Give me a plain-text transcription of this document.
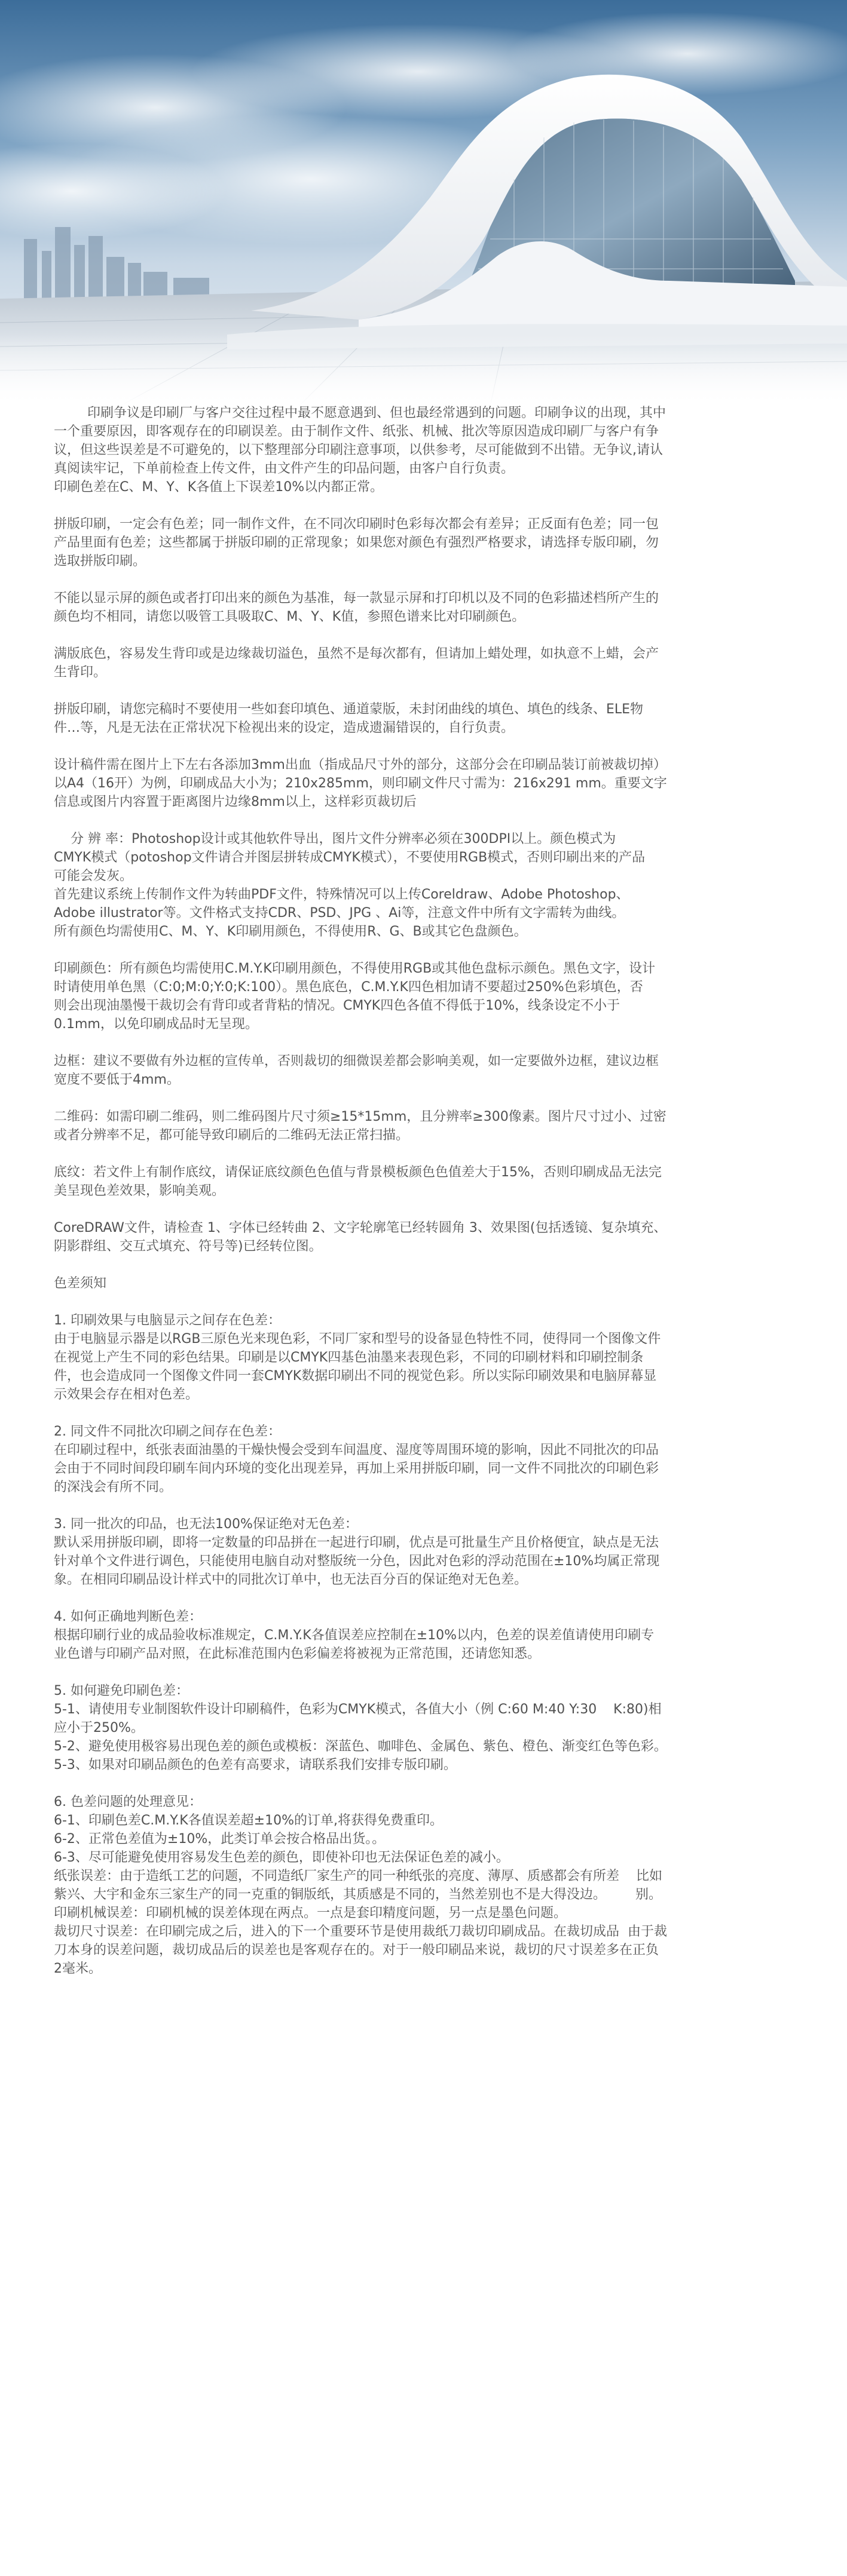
印刷争议是印刷厂与客户交往过程中最不愿意遇到、但也最经常遇到的问题。印刷争议的出现，其中

一个重要原因，即客观存在的印刷误差。由于制作文件、纸张、机械、批次等原因造成印刷厂与客户有争

议，但这些误差是不可避免的，以下整理部分印刷注意事项，以供参考，尽可能做到不出错。无争议,请认

真阅读牢记，下单前检查上传文件，由文件产生的印品问题，由客户自行负责。

印刷色差在C、M、Y、K各值上下误差10%以内都正常。

拼版印刷，一定会有色差；同一制作文件，在不同次印刷时色彩每次都会有差异；正反面有色差；同一包

产品里面有色差；这些都属于拼版印刷的正常现象；如果您对颜色有强烈严格要求，请选择专版印刷，勿

选取拼版印刷。

不能以显示屏的颜色或者打印出来的颜色为基准，每一款显示屏和打印机以及不同的色彩描述档所产生的

颜色均不相同，请您以吸管工具吸取C、M、Y、K值，参照色谱来比对印刷颜色。

满版底色，容易发生背印或是边缘裁切溢色，虽然不是每次都有，但请加上蜡处理，如执意不上蜡，会产

生背印。

拼版印刷，请您完稿时不要使用一些如套印填色、通道蒙版，未封闭曲线的填色、填色的线条、ELE物

件…等，凡是无法在正常状况下检视出来的设定，造成遗漏错误的，自行负责。

设计稿件需在图片上下左右各添加3mm出血（指成品尺寸外的部分，这部分会在印刷品装订前被裁切掉）

以A4（16开）为例，印刷成品大小为；210x285mm，则印刷文件尺寸需为：216x291 mm。重要文字

信息或图片内容置于距离图片边缘8mm以上，这样彩页裁切后

分 辨 率：Photoshop设计或其他软件导出，图片文件分辨率必须在300DPI以上。颜色模式为

CMYK模式（potoshop文件请合并图层拼转成CMYK模式），不要使用RGB模式，否则印刷出来的产品

可能会发灰。

首先建议系统上传制作文件为转曲PDF文件，特殊情况可以上传Coreldraw、Adobe Photoshop、

Adobe illustrator等。文件格式支持CDR、PSD、JPG 、Ai等，注意文件中所有文字需转为曲线。

所有颜色均需使用C、M、Y、K印刷用颜色，不得使用R、G、B或其它色盘颜色。

印刷颜色：所有颜色均需使用C.M.Y.K印刷用颜色，不得使用RGB或其他色盘标示颜色。黑色文字，设计

时请使用单色黑（C:0;M:0;Y:0;K:100）。黑色底色，C.M.Y.K四色相加请不要超过250%色彩填色，否

则会出现油墨慢干裁切会有背印或者背粘的情况。CMYK四色各值不得低于10%，线条设定不小于

0.1mm，以免印刷成品时无呈现。

边框：建议不要做有外边框的宣传单，否则裁切的细微误差都会影响美观，如一定要做外边框，建议边框

宽度不要低于4mm。

二维码：如需印刷二维码，则二维码图片尺寸须≥15*15mm，且分辨率≥300像素。图片尺寸过小、过密

或者分辨率不足，都可能导致印刷后的二维码无法正常扫描。

底纹：若文件上有制作底纹，请保证底纹颜色色值与背景模板颜色色值差大于15%，否则印刷成品无法完

美呈现色差效果，影响美观。

CoreDRAW文件，请检查 1、字体已经转曲 2、文字轮廓笔已经转圆角 3、效果图(包括透镜、复杂填充、

阴影群组、交互式填充、符号等)已经转位图。

色差须知

1. 印刷效果与电脑显示之间存在色差：

由于电脑显示器是以RGB三原色光来现色彩，不同厂家和型号的设备显色特性不同，使得同一个图像文件

在视觉上产生不同的彩色结果。印刷是以CMYK四基色油墨来表现色彩，不同的印刷材料和印刷控制条

件，也会造成同一个图像文件同一套CMYK数据印刷出不同的视觉色彩。所以实际印刷效果和电脑屏幕显

示效果会存在相对色差。

2. 同文件不同批次印刷之间存在色差：

在印刷过程中，纸张表面油墨的干燥快慢会受到车间温度、湿度等周围环境的影响，因此不同批次的印品

会由于不同时间段印刷车间内环境的变化出现差异，再加上采用拼版印刷，同一文件不同批次的印刷色彩

的深浅会有所不同。

3. 同一批次的印品，也无法100%保证绝对无色差：

默认采用拼版印刷，即将一定数量的印品拼在一起进行印刷，优点是可批量生产且价格便宜，缺点是无法

针对单个文件进行调色，只能使用电脑自动对整版统一分色，因此对色彩的浮动范围在±10%均属正常现

象。在相同印刷品设计样式中的同批次订单中，也无法百分百的保证绝对无色差。

4. 如何正确地判断色差：

根据印刷行业的成品验收标准规定，C.M.Y.K各值误差应控制在±10%以内，色差的误差值请使用印刷专

业色谱与印刷产品对照，在此标准范围内色彩偏差将被视为正常范围，还请您知悉。

5. 如何避免印刷色差：

5-1、请使用专业制图软件设计印刷稿件，色彩为CMYK模式，各值大小（例 C:60 M:40 Y:30    K:80)相

应小于250%。

5-2、避免使用极容易出现色差的颜色或模板：深蓝色、咖啡色、金属色、紫色、橙色、渐变红色等色彩。

5-3、如果对印刷品颜色的色差有高要求，请联系我们安排专版印刷。

6. 色差问题的处理意见：

6-1、印刷色差C.M.Y.K各值误差超±10%的订单,将获得免费重印。

6-2、正常色差值为±10%，此类订单会按合格品出货。。

6-3、尽可能避免使用容易发生色差的颜色，即使补印也无法保证色差的减小。

纸张误差：由于造纸工艺的问题，不同造纸厂家生产的同一种纸张的亮度、薄厚、质感都会有所差    比如

紫兴、大宇和金东三家生产的同一克重的铜版纸，其质感是不同的，当然差别也不是大得没边。       别。

印刷机械误差：印刷机械的误差体现在两点。一点是套印精度问题，另一点是墨色问题。

裁切尺寸误差：在印刷完成之后，进入的下一个重要环节是使用裁纸刀裁切印刷成品。在裁切成品  由于裁

刀本身的误差问题，裁切成品后的误差也是客观存在的。对于一般印刷品来说，裁切的尺寸误差多在正负

2毫米。
